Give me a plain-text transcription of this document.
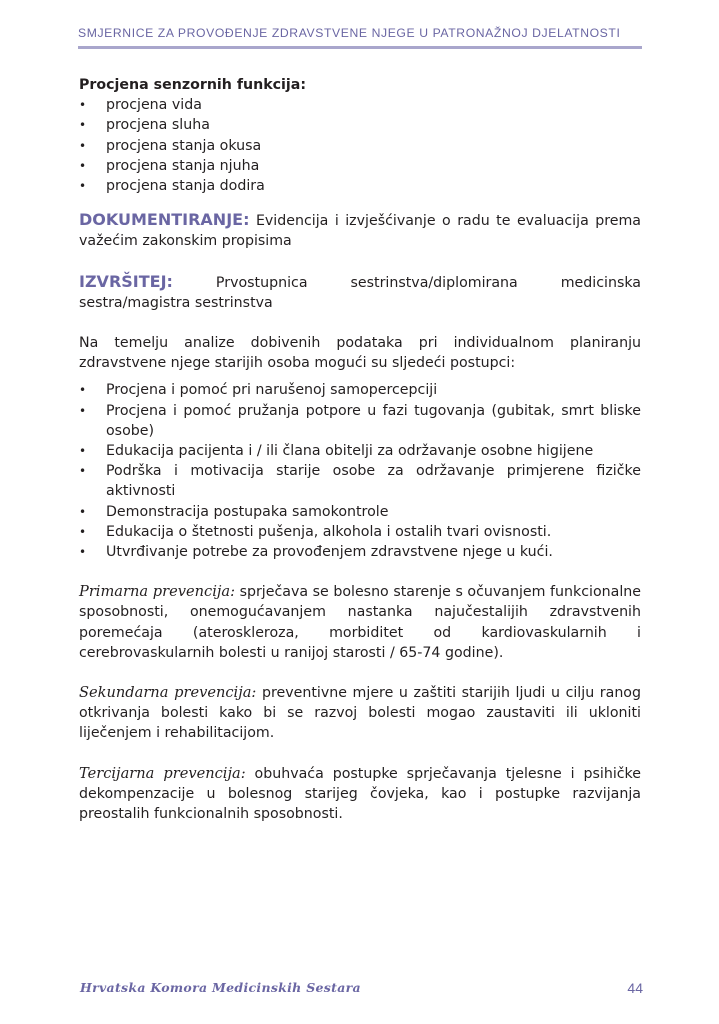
SMJERNICE ZA PROVOĐENJE ZDRAVSTVENE NJEGE U PATRONAŽNOJ DJELATNOSTI
Procjena senzornih funkcija:
• procjena vida
• procjena sluha
• procjena stanja okusa
• procjena stanja njuha
• procjena stanja dodira

DOKUMENTIRANJE: Evidencija i izvješćivanje o radu te evaluacija prema važećim zakonskim propisima

IZVRŠITEJ: Prvostupnica sestrinstva/diplomirana medicinska sestra/magistra sestrinstva

Na temelju analize dobivenih podataka pri individualnom planiranju zdravstvene njege starijih osoba mogući su sljedeći postupci:

• Procjena i pomoć pri narušenoj samopercepciji
• Procjena i pomoć pružanja potpore u fazi tugovanja (gubitak, smrt bliske osobe)
• Edukacija pacijenta i / ili člana obitelji za održavanje osobne higijene
• Podrška i motivacija starije osobe za održavanje primjerene fizičke aktivnosti
• Demonstracija postupaka samokontrole
• Edukacija o štetnosti pušenja, alkohola i ostalih tvari ovisnosti.
• Utvrđivanje potrebe za provođenjem zdravstvene njege u kući.

Primarna prevencija: sprječava se bolesno starenje s očuvanjem funkcionalne sposobnosti, onemogućavanjem nastanka najučestalijih zdravstvenih poremećaja (ateroskleroza, morbiditet od kardiovaskularnih i cerebrovaskularnih bolesti u ranijoj starosti / 65-74 godine).

Sekundarna prevencija: preventivne mjere u zaštiti starijih ljudi u cilju ranog otkrivanja bolesti kako bi se razvoj bolesti mogao zaustaviti ili ukloniti liječenjem i rehabilitacijom.

Tercijarna prevencija: obuhvaća postupke sprječavanja tjelesne i psihičke dekompenzacije u bolesnog starijeg čovjeka, kao i postupke razvijanja preostalih funkcionalnih sposobnosti.

Hrvatska Komora Medicinskih Sestara	44
